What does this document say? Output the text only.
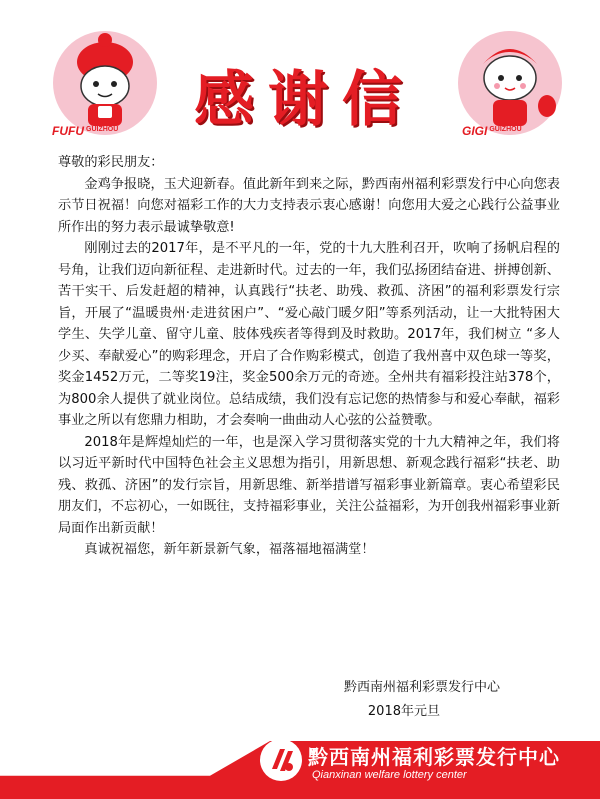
FUFU $^{GUIZHOU}$	感谢信	GIGI $^{GUIZHOU}$

尊敬的彩民朋友：

金鸡争报晓，玉犬迎新春。值此新年到来之际，黔西南州福利彩票发行中心向您表示节日祝福！向您对福彩工作的大力支持表示衷心感谢！向您用大爱之心践行公益事业所作出的努力表示最诚挚敬意!

刚刚过去的2017年，是不平凡的一年，党的十九大胜利召开，吹响了扬帆启程的号角，让我们迈向新征程、走进新时代。过去的一年，我们弘扬团结奋进、拼搏创新、苦干实干、后发赶超的精神，认真践行“扶老、助残、救孤、济困”的福利彩票发行宗旨，开展了“温暖贵州·走进贫困户”、“爱心敲门暖夕阳”等系列活动，让一大批特困大学生、失学儿童、留守儿童、肢体残疾者等得到及时救助。2017年，我们树立 “多人少买、奉献爱心”的购彩理念，开启了合作购彩模式，创造了我州喜中双色球一等奖，奖金1452万元，二等奖19注，奖金500余万元的奇迹。全州共有福彩投注站378个，为800余人提供了就业岗位。总结成绩，我们没有忘记您的热情参与和爱心奉献，福彩事业之所以有您鼎力相助，才会奏响一曲曲动人心弦的公益赞歌。

2018年是辉煌灿烂的一年，也是深入学习贯彻落实党的十九大精神之年，我们将以习近平新时代中国特色社会主义思想为指引，用新思想、新观念践行福彩“扶老、助残、救孤、济困”的发行宗旨，用新思维、新举措谱写福彩事业新篇章。衷心希望彩民朋友们，不忘初心，一如既往，支持福彩事业，关注公益福彩，为开创我州福彩事业新局面作出新贡献！

真诚祝福您，新年新景新气象，福落福地福满堂！

黔西南州福利彩票发行中心
2018年元旦
黔西南州福利彩票发行中心
Qianxinan welfare lottery center
